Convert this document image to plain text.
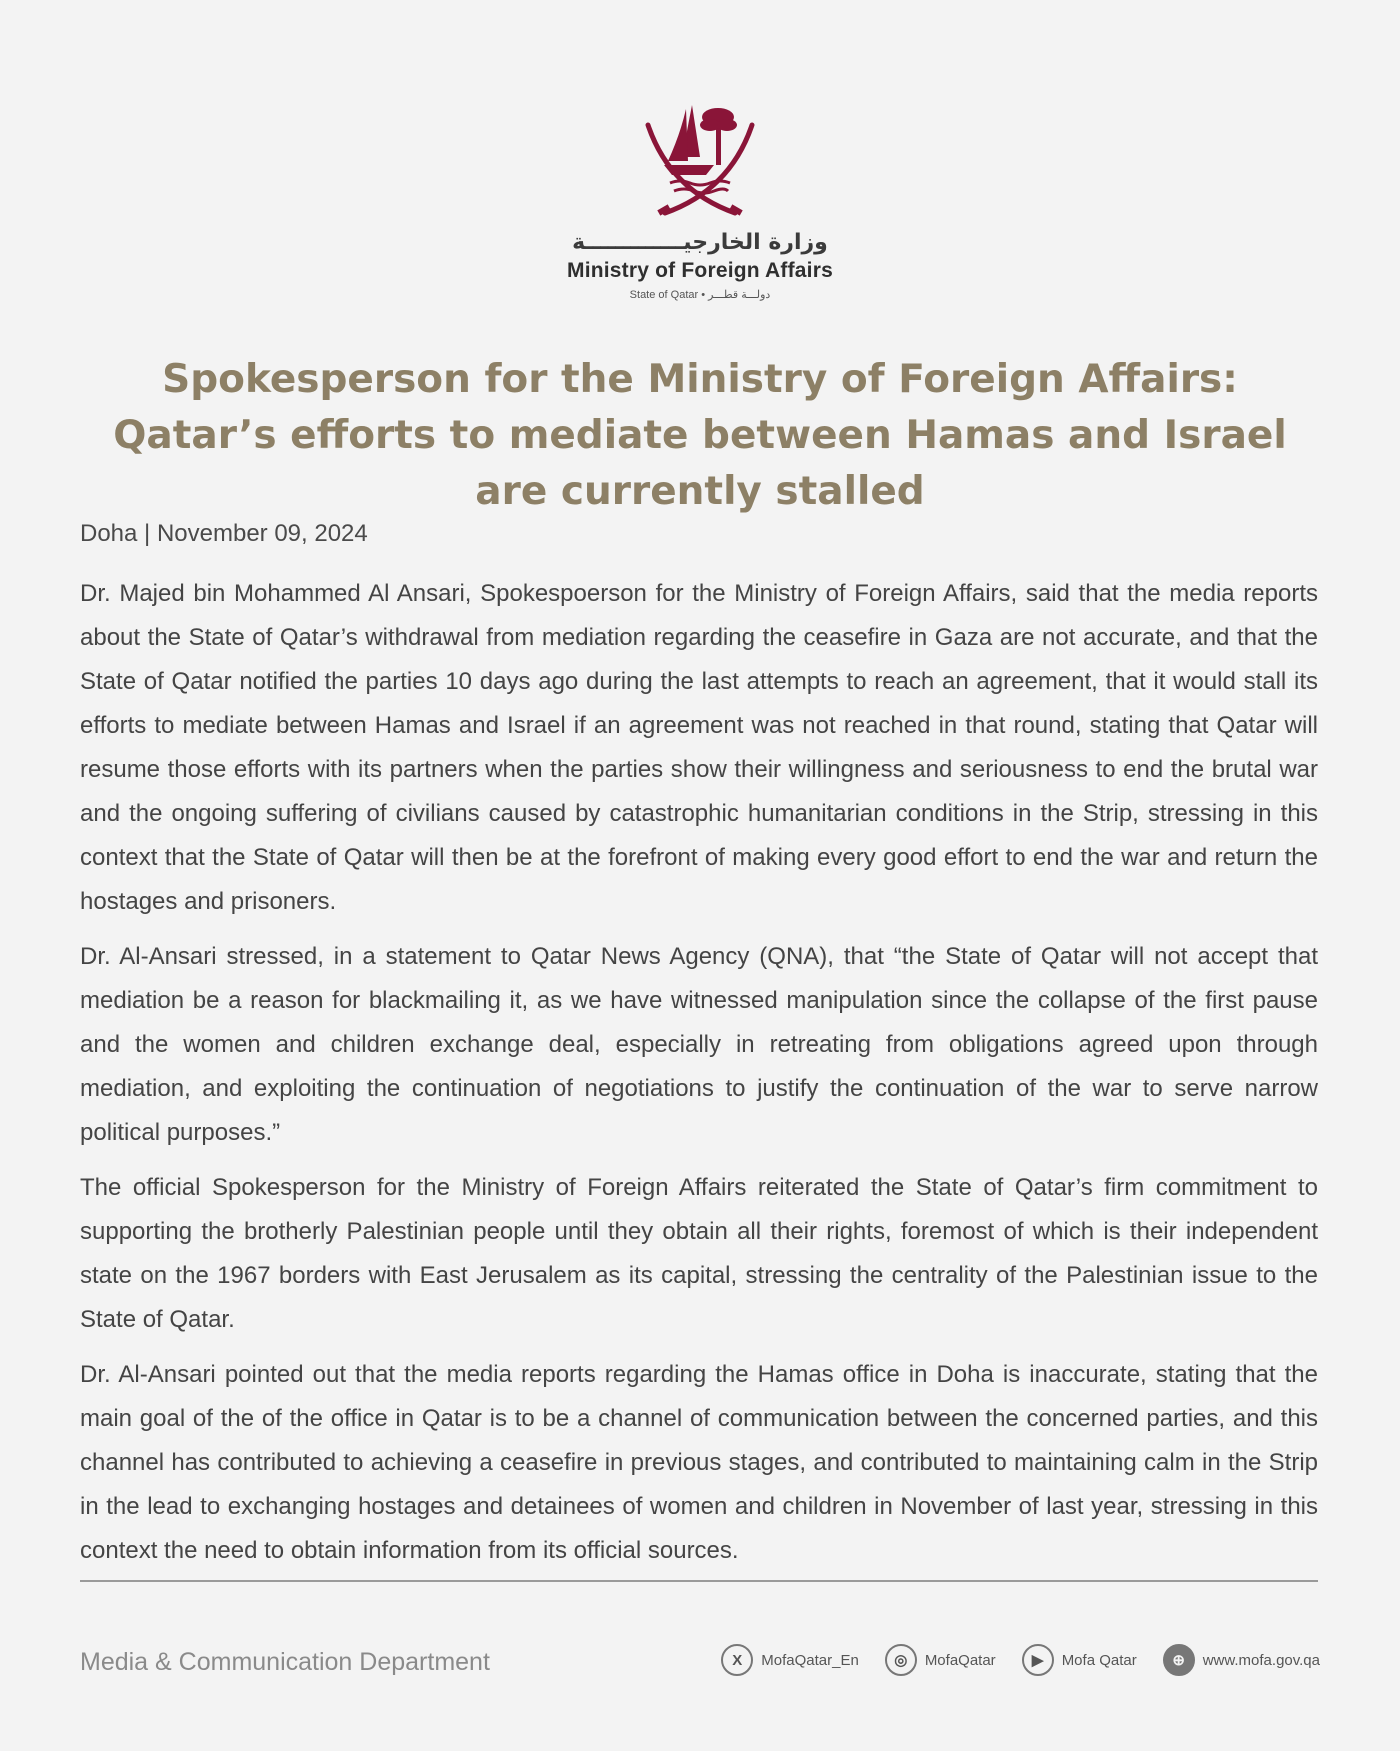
وزارة الخارجيـــــــــــــة
Ministry of Foreign Affairs
State of Qatar • دولـــة قطـــر
Spokesperson for the Ministry of Foreign Affairs: Qatar’s efforts to mediate between Hamas and Israel are currently stalled
Doha | November 09, 2024

Dr. Majed bin Mohammed Al Ansari, Spokespoerson for the Ministry of Foreign Affairs, said that the media reports about the State of Qatar’s withdrawal from mediation regarding the ceasefire in Gaza are not accurate, and that the State of Qatar notified the parties 10 days ago during the last attempts to reach an agreement, that it would stall its efforts to mediate between Hamas and Israel if an agreement was not reached in that round, stating that Qatar will resume those efforts with its partners when the parties show their willingness and seriousness to end the brutal war and the ongoing suffering of civilians caused by catastrophic humanitarian conditions in the Strip, stressing in this context that the State of Qatar will then be at the forefront of making every good effort to end the war and return the hostages and prisoners.

Dr. Al-Ansari stressed, in a statement to Qatar News Agency (QNA), that “the State of Qatar will not accept that mediation be a reason for blackmailing it, as we have witnessed manipulation since the collapse of the first pause and the women and children exchange deal, especially in retreating from obligations agreed upon through mediation, and exploiting the continuation of negotiations to justify the continuation of the war to serve narrow political purposes.”

The official Spokesperson for the Ministry of Foreign Affairs reiterated the State of Qatar’s firm commitment to supporting the brotherly Palestinian people until they obtain all their rights, foremost of which is their independent state on the 1967 borders with East Jerusalem as its capital, stressing the centrality of the Palestinian issue to the State of Qatar.

Dr. Al-Ansari pointed out that the media reports regarding the Hamas office in Doha is inaccurate, stating that the main goal of the of the office in Qatar is to be a channel of communication between the concerned parties, and this channel has contributed to achieving a ceasefire in previous stages, and contributed to maintaining calm in the Strip in the lead to exchanging hostages and detainees of women and children in November of last year, stressing in this context the need to obtain information from its official sources.

Media & Communication Department	X	MofaQatar_En	◎	MofaQatar	▶	Mofa Qatar	⊕	www.mofa.gov.qa
